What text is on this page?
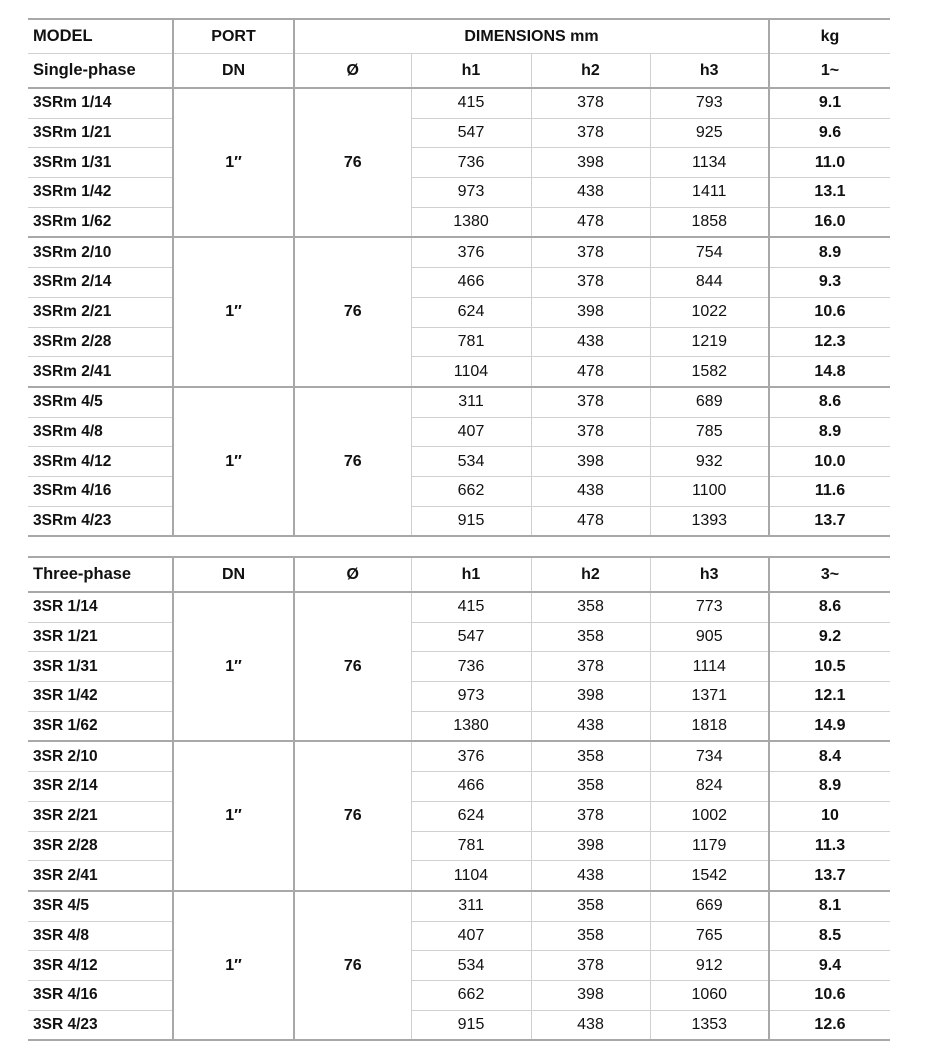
MODEL	PORT	DIMENSIONS mm				kg
Single-phase	DN	Ø	h1	h2	h3	1~
3SRm 1/14	1″	76	415	378	793	9.1
3SRm 1/21			547	378	925	9.6
3SRm 1/31			736	398	1134	11.0
3SRm 1/42			973	438	1411	13.1
3SRm 1/62			1380	478	1858	16.0
3SRm 2/10	1″	76	376	378	754	8.9
3SRm 2/14			466	378	844	9.3
3SRm 2/21			624	398	1022	10.6
3SRm 2/28			781	438	1219	12.3
3SRm 2/41			1104	478	1582	14.8
3SRm 4/5	1″	76	311	378	689	8.6
3SRm 4/8			407	378	785	8.9
3SRm 4/12			534	398	932	10.0
3SRm 4/16			662	438	1100	11.6
3SRm 4/23			915	478	1393	13.7
Three-phase	DN	Ø	h1	h2	h3	3~
3SR 1/14	1″	76	415	358	773	8.6
3SR 1/21			547	358	905	9.2
3SR 1/31			736	378	1114	10.5
3SR 1/42			973	398	1371	12.1
3SR 1/62			1380	438	1818	14.9
3SR 2/10	1″	76	376	358	734	8.4
3SR 2/14			466	358	824	8.9
3SR 2/21			624	378	1002	10
3SR 2/28			781	398	1179	11.3
3SR 2/41			1104	438	1542	13.7
3SR 4/5	1″	76	311	358	669	8.1
3SR 4/8			407	358	765	8.5
3SR 4/12			534	378	912	9.4
3SR 4/16			662	398	1060	10.6
3SR 4/23			915	438	1353	12.6
